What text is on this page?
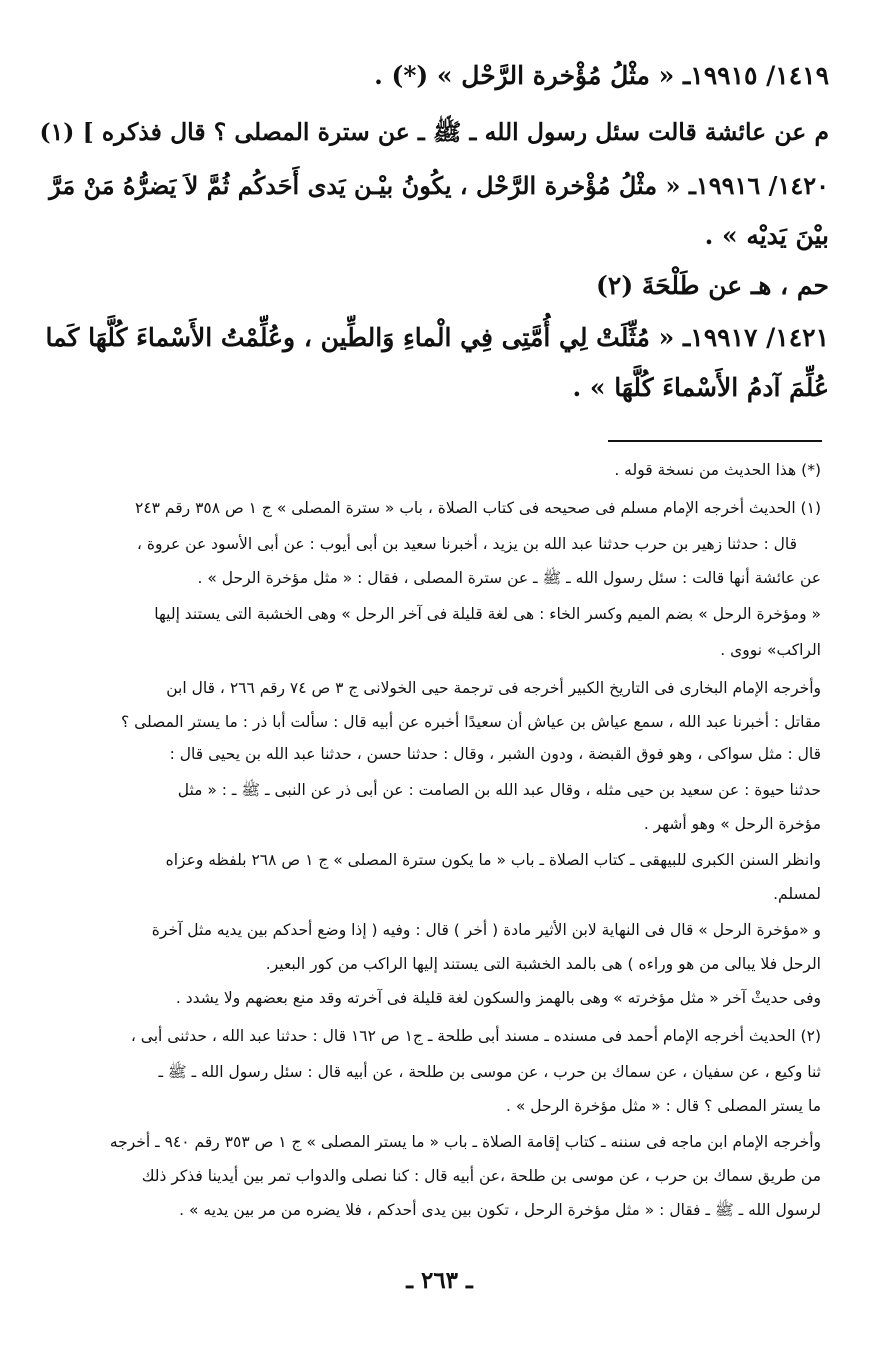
١٤١٩/ ١٩٩١٥ـ « مثْلُ مُؤْخرة الرَّحْل » (*) .
م عن عائشة قالت سئل رسول الله ـ ﷺ ـ عن سترة المصلى ؟ قال فذكره ] (١)
١٤٢٠/ ١٩٩١٦ـ « مثْلُ مُؤْخرة الرَّحْل ، يكُونُ بيْـن يَدى أَحَدكُم ثُمَّ لاَ يَضرُّهُ مَنْ مَرَّ
بيْنَ يَديْه » .
حم ، هـ عن طَلْحَةَ (٢)
١٤٢١/ ١٩٩١٧ـ « مُثِّلَتْ لِي أُمَّتِى فِي الْماءِ وَالطِّين ، وعُلِّمْتُ الأَسْماءَ كُلَّهَا كَما
عُلِّمَ آدمُ الأَسْماءَ كُلَّهَا » .
(*) هذا الحديث من نسخة قوله .
(١) الحديث أخرجه الإمام مسلم فى صحيحه فى كتاب الصلاة ، باب « سترة المصلى » ج ١ ص ٣٥٨ رقم ٢٤٣
قال : حدثنا زهير بن حرب حدثنا عبد الله بن يزيد ، أخبرنا سعيد بن أبى أيوب : عن أبى الأسود عن عروة ،
عن عائشة أنها قالت : سئل رسول الله ـ ﷺ ـ عن سترة المصلى ، فقال : « مثل مؤخرة الرحل » .
« ومؤخرة الرحل » بضم الميم وكسر الخاء : هى لغة قليلة فى آخر الرحل » وهى الخشبة التى يستند إليها
الراكب» نووى .
وأخرجه الإمام البخارى فى التاريخ الكبير أخرجه فى ترجمة حيى الخولانى ج ٣ ص ٧٤ رقم ٢٦٦ ، قال ابن
مقاتل : أخبرنا عبد الله ، سمع عياش بن عياش أن سعيدًا أخبره عن أبيه قال : سألت أبا ذر : ما يستر المصلى ؟
قال : مثل سواكى ، وهو فوق القبضة ، ودون الشبر ، وقال : حدثنا حسن ، حدثنا عبد الله بن يحيى قال :
حدثنا حيوة : عن سعيد بن حيى مثله ، وقال عبد الله بن الصامت : عن أبى ذر عن النبى ـ ﷺ ـ : « مثل
مؤخرة الرحل » وهو أشهر .
وانظر السنن الكبرى للبيهقى ـ كتاب الصلاة ـ باب « ما يكون سترة المصلى » ج ١ ص ٢٦٨ بلفظه وعزاه
لمسلم.
و «مؤخرة الرحل » قال فى النهاية لابن الأثير مادة ( أخر ) قال : وفيه ( إذا وضع أحدكم بين يديه مثل آخرة
الرحل فلا يبالى من هو وراءه ) هى بالمد الخشبة التى يستند إليها الراكب من كور البعير.
وفى حديثْ آخر « مثل مؤخرته » وهى بالهمز والسكون لغة قليلة فى آخرته وقد منع بعضهم ولا يشدد .
(٢) الحديث أخرجه الإمام أحمد فى مسنده ـ مسند أبى طلحة ـ ج١ ص ١٦٢ قال : حدثنا عبد الله ، حدثنى أبى ،
ثنا وكيع ، عن سفيان ، عن سماك بن حرب ، عن موسى بن طلحة ، عن أبيه قال : سئل رسول الله ـ ﷺ ـ
ما يستر المصلى ؟ قال : « مثل مؤخرة الرحل » .
وأخرجه الإمام ابن ماجه فى سننه ـ كتاب إقامة الصلاة ـ باب « ما يستر المصلى » ج ١ ص ٣٥٣ رقم ٩٤٠ ـ أخرجه
من طريق سماك بن حرب ، عن موسى بن طلحة ،عن أبيه قال : كنا نصلى والدواب تمر بين أيدينا فذكر ذلك
لرسول الله ـ ﷺ ـ فقال : « مثل مؤخرة الرحل ، تكون بين يدى أحدكم ، فلا يضره من مر بين يديه » .
ـ ٢٦٣ ـ
